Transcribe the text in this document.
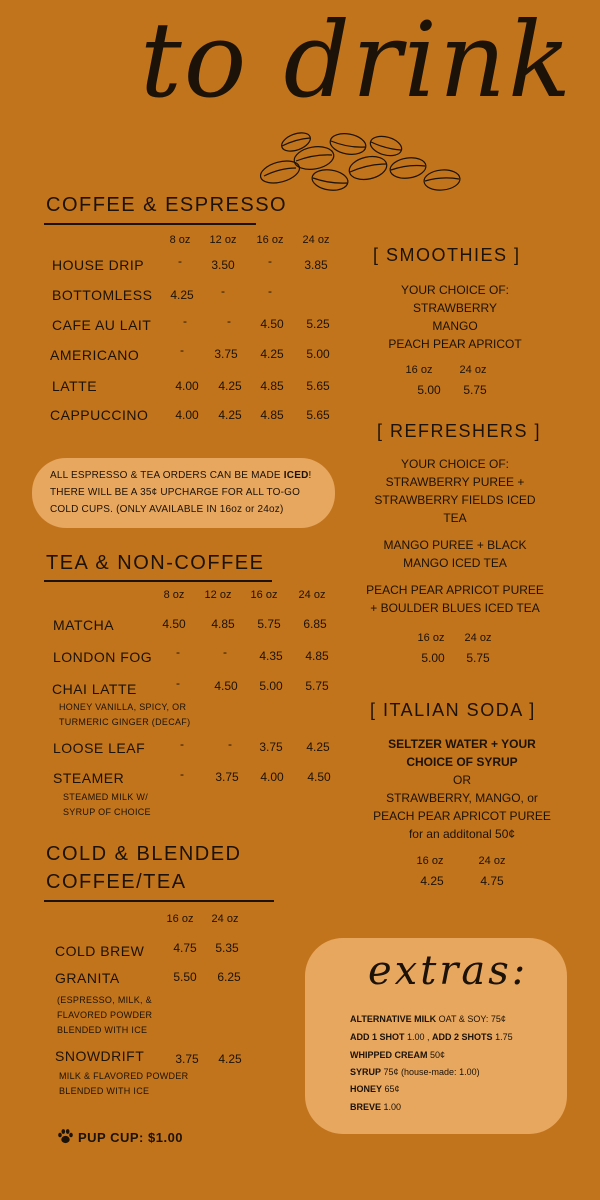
to drink
COFFEE & ESPRESSO
8 oz	12 oz	16 oz	24 oz
HOUSE DRIP	-	3.50	-	3.85
BOTTOMLESS	4.25	-	-
CAFE AU LAIT	-	-	4.50	5.25
AMERICANO	-	3.75	4.25	5.00
LATTE	4.00	4.25	4.85	5.65
CAPPUCCINO	4.00	4.25	4.85	5.65
ALL ESPRESSO & TEA ORDERS CAN BE MADE ICED!
THERE WILL BE A 35¢ UPCHARGE FOR ALL TO-GO
COLD CUPS. (ONLY AVAILABLE IN 16oz or 24oz)
TEA & NON-COFFEE
8 oz	12 oz	16 oz	24 oz
MATCHA	4.50	4.85	5.75	6.85
LONDON FOG	-	-	4.35	4.85
CHAI LATTE	-	4.50	5.00	5.75
HONEY VANILLA, SPICY, OR
TURMERIC GINGER (DECAF)
LOOSE LEAF	-	-	3.75	4.25
STEAMER	-	3.75	4.00	4.50
STEAMED MILK W/
SYRUP OF CHOICE
COLD & BLENDED
COFFEE/TEA
16 oz	24 oz
COLD BREW	4.75	5.35
GRANITA	5.50	6.25
(ESPRESSO, MILK, &
FLAVORED POWDER
BLENDED WITH ICE
SNOWDRIFT	3.75	4.25
MILK & FLAVORED POWDER
BLENDED WITH ICE
PUP CUP: $1.00
[ SMOOTHIES ]
YOUR CHOICE OF:
STRAWBERRY
MANGO
PEACH PEAR APRICOT
16 oz	24 oz
5.00	5.75
[ REFRESHERS ]
YOUR CHOICE OF:
STRAWBERRY PUREE +
STRAWBERRY FIELDS ICED
TEA
MANGO PUREE + BLACK
MANGO ICED TEA
PEACH PEAR APRICOT PUREE
+ BOULDER BLUES ICED TEA
16 oz	24 oz
5.00	5.75
[ ITALIAN SODA ]
SELTZER WATER + YOUR
CHOICE OF SYRUP
OR
STRAWBERRY, MANGO, or
PEACH PEAR APRICOT PUREE
for an additonal 50¢
16 oz	24 oz
4.25	4.75
extras:
ALTERNATIVE MILK OAT & SOY: 75¢
ADD 1 SHOT 1.00 , ADD 2 SHOTS 1.75
WHIPPED CREAM 50¢
SYRUP 75¢ (house-made: 1.00)
HONEY 65¢
BREVE 1.00
